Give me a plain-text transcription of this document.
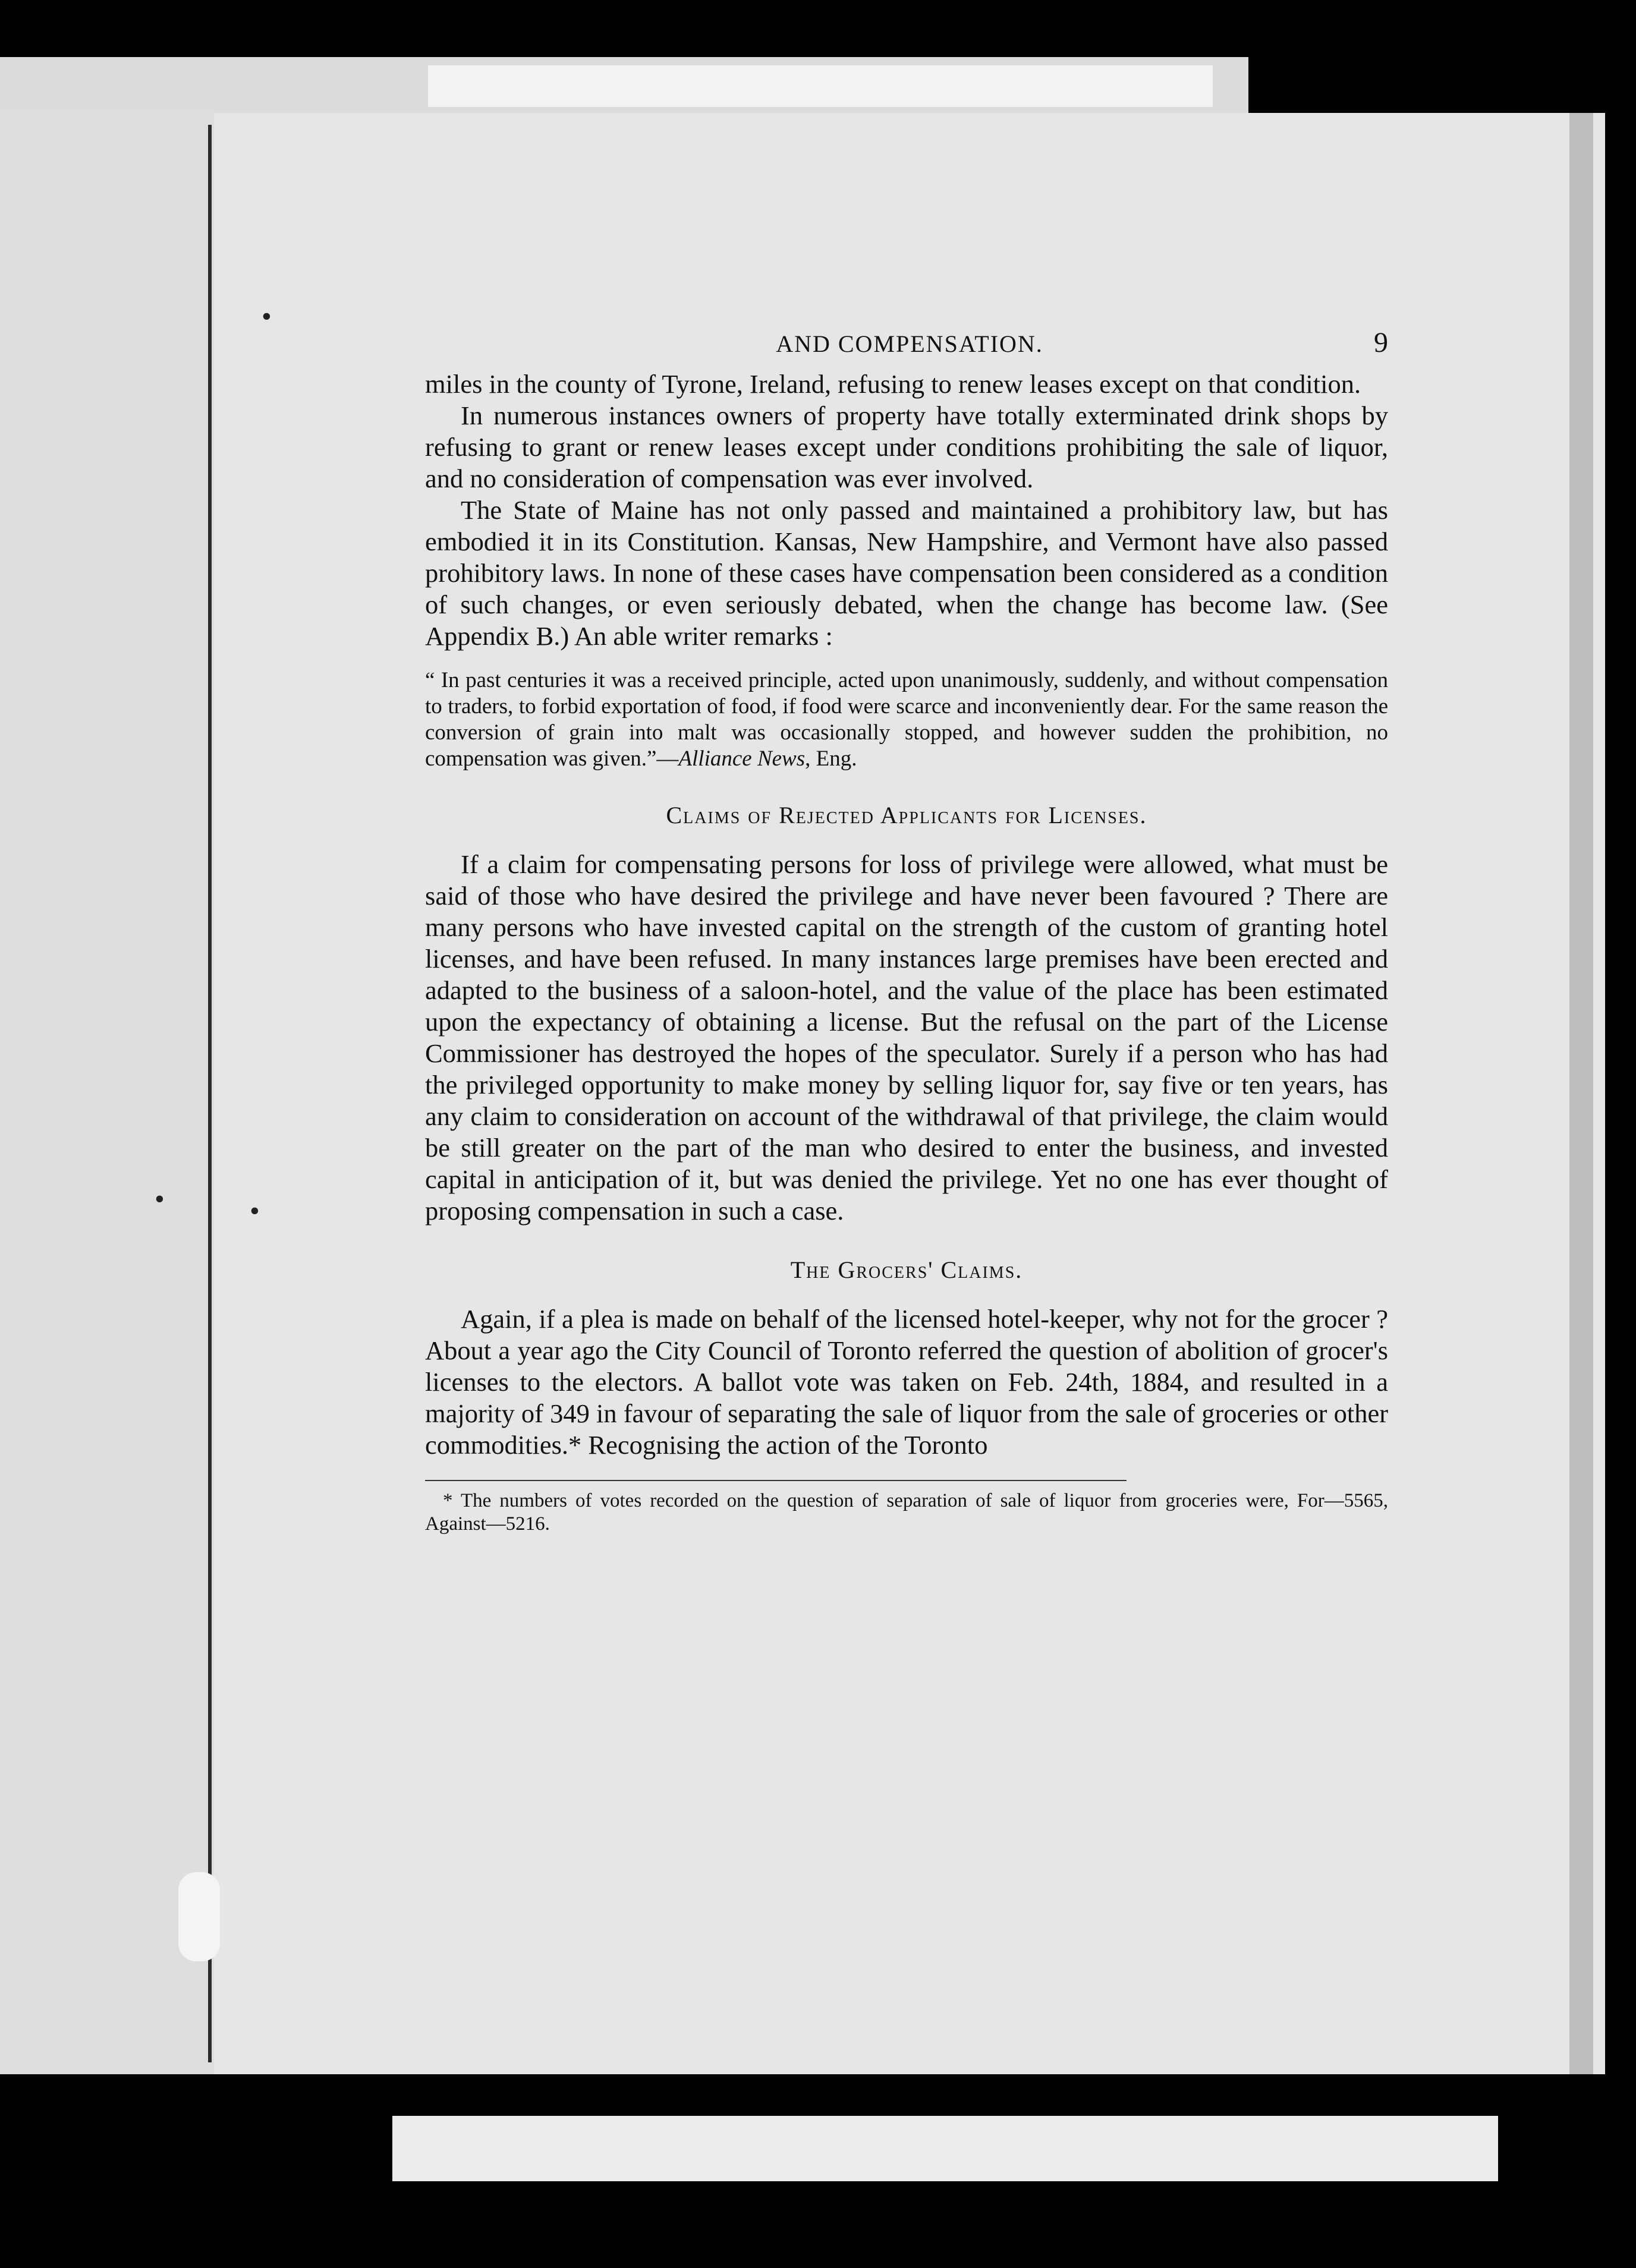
•
•	•
AND COMPENSATION.	9

miles in the county of Tyrone, Ireland, refusing to renew leases except on that condition.

In numerous instances owners of property have totally exterminated drink shops by refusing to grant or renew leases except under conditions prohibiting the sale of liquor, and no consideration of compensation was ever involved.

The State of Maine has not only passed and maintained a prohibitory law, but has embodied it in its Constitution. Kansas, New Hampshire, and Vermont have also passed prohibitory laws. In none of these cases have compensation been considered as a condition of such changes, or even seriously debated, when the change has become law. (See Appendix B.) An able writer remarks :

“ In past centuries it was a received principle, acted upon unanimously, suddenly, and without compensation to traders, to forbid exportation of food, if food were scarce and inconveniently dear. For the same reason the conversion of grain into malt was occasionally stopped, and however sudden the prohibition, no compensation was given.”—Alliance News, Eng.
Claims of Rejected Applicants for Licenses.

If a claim for compensating persons for loss of privilege were allowed, what must be said of those who have desired the privilege and have never been favoured ? There are many persons who have invested capital on the strength of the custom of granting hotel licenses, and have been refused. In many instances large premises have been erected and adapted to the business of a saloon-hotel, and the value of the place has been estimated upon the expectancy of obtaining a license. But the refusal on the part of the License Commissioner has destroyed the hopes of the speculator. Surely if a person who has had the privileged opportunity to make money by selling liquor for, say five or ten years, has any claim to consideration on account of the withdrawal of that privilege, the claim would be still greater on the part of the man who desired to enter the business, and invested capital in anticipation of it, but was denied the privilege. Yet no one has ever thought of proposing compensation in such a case.

The Grocers' Claims.

Again, if a plea is made on behalf of the licensed hotel-keeper, why not for the grocer ? About a year ago the City Council of Toronto referred the question of abolition of grocer's licenses to the electors. A ballot vote was taken on Feb. 24th, 1884, and resulted in a majority of 349 in favour of separating the sale of liquor from the sale of groceries or other commodities.* Recognising the action of the Toronto

* The numbers of votes recorded on the question of separation of sale of liquor from groceries were, For—5565, Against—5216.
